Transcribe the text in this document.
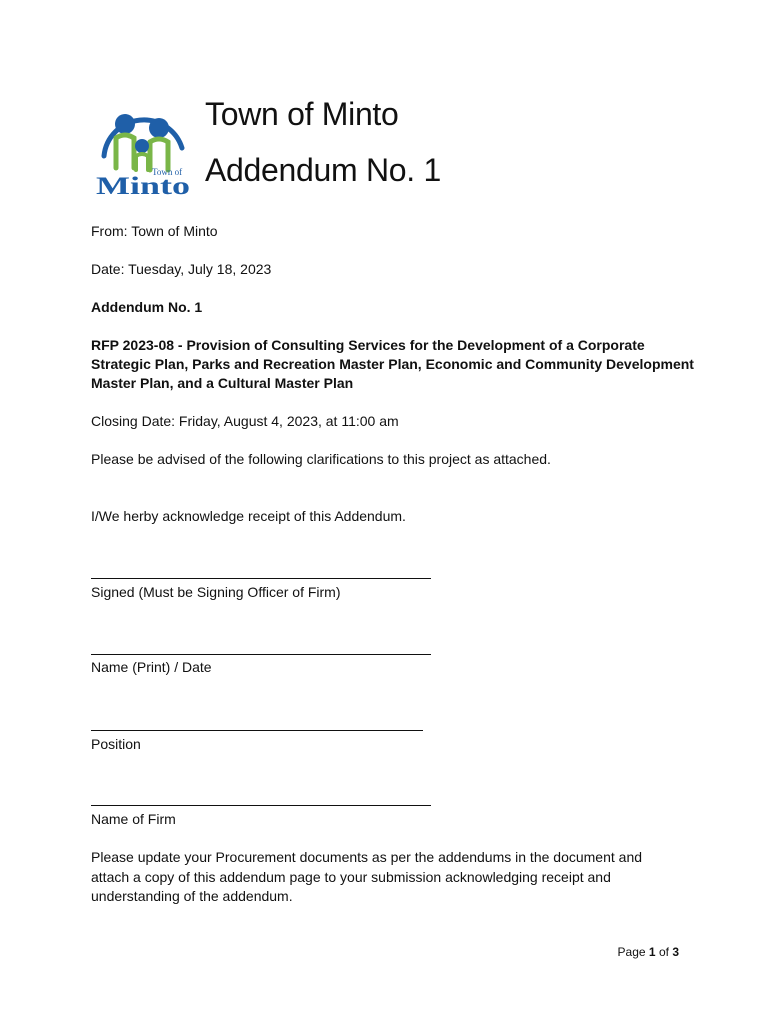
Town of
Minto
Town of Minto
Addendum No. 1
From: Town of Minto
Date: Tuesday, July 18, 2023
Addendum No. 1
RFP 2023-08 - Provision of Consulting Services for the Development of a Corporate
Strategic Plan, Parks and Recreation Master Plan, Economic and Community Development
Master Plan, and a Cultural Master Plan
Closing Date: Friday, August 4, 2023, at 11:00 am
Please be advised of the following clarifications to this project as attached.
I/We herby acknowledge receipt of this Addendum.
Signed (Must be Signing Officer of Firm)
Name (Print) / Date
Position
Name of Firm
Please update your Procurement documents as per the addendums in the document and attach a copy of this addendum page to your submission acknowledging receipt and understanding of the addendum.
Page 1 of 3
